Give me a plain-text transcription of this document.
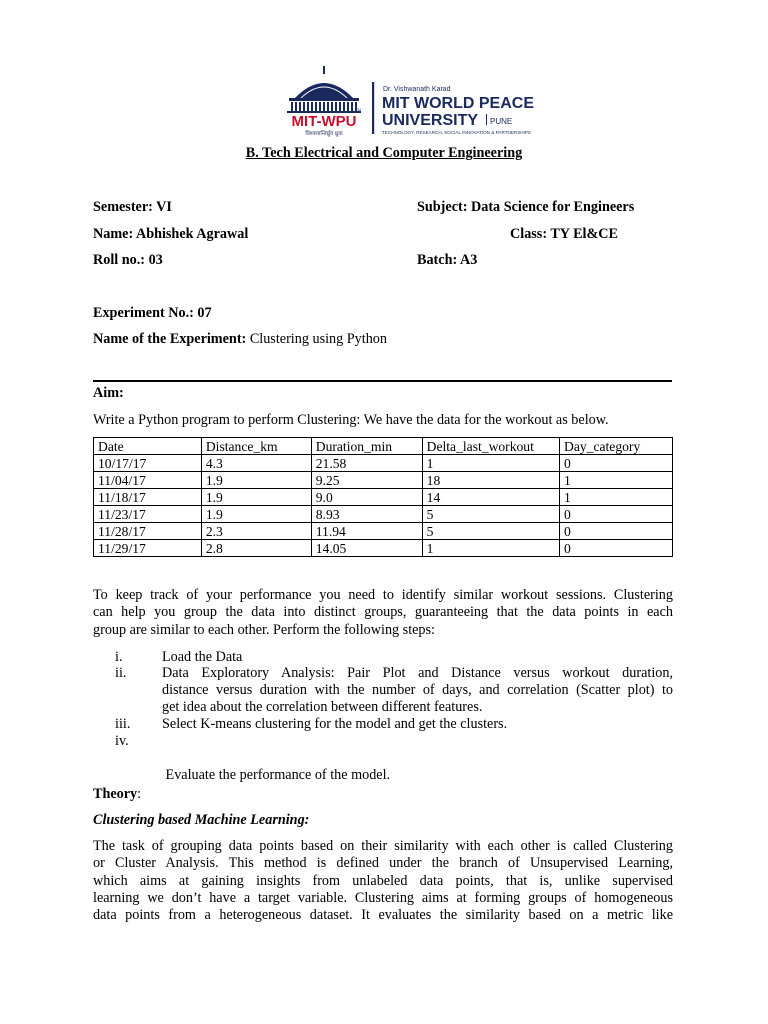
TM
MIT-WPU
विश्वशान्तिर्ध्रुवं ध्रुवा
Dr. Vishwanath Karad
MIT WORLD PEACE
UNIVERSITY PUNE
TECHNOLOGY, RESEARCH, SOCIAL INNOVATION & PARTNERSHIPS
B. Tech Electrical and Computer Engineering
Semester: VI	Subject: Data Science for Engineers
Name: Abhishek Agrawal	Class: TY El&CE
Roll no.: 03	Batch: A3
Experiment No.: 07
Name of the Experiment: Clustering using Python
Aim:
Write a Python program to perform Clustering: We have the data for the workout as below.
Date	Distance_km	Duration_min	Delta_last_workout	Day_category
10/17/17	4.3	21.58	1	0
11/04/17	1.9	9.25	18	1
11/18/17	1.9	9.0	14	1
11/23/17	1.9	8.93	5	0
11/28/17	2.3	11.94	5	0
11/29/17	2.8	14.05	1	0
To keep track of your performance you need to identify similar workout sessions. Clustering
can help you group the data into distinct groups, guaranteeing that the data points in each
group are similar to each other. Perform the following steps:
i.	Load the Data
ii.	Data Exploratory Analysis: Pair Plot and Distance versus workout duration,
distance versus duration with the number of days, and correlation (Scatter plot) to
get idea about the correlation between different features.
iii. Select K-means clustering for the model and get the clusters.
iv.

Evaluate the performance of the model.

Theory:
Clustering based Machine Learning:
The task of grouping data points based on their similarity with each other is called Clustering
or Cluster Analysis. This method is defined under the branch of Unsupervised Learning,
which aims at gaining insights from unlabeled data points, that is, unlike supervised
learning we don’t have a target variable. Clustering aims at forming groups of homogeneous
data points from a heterogeneous dataset. It evaluates the similarity based on a metric like
